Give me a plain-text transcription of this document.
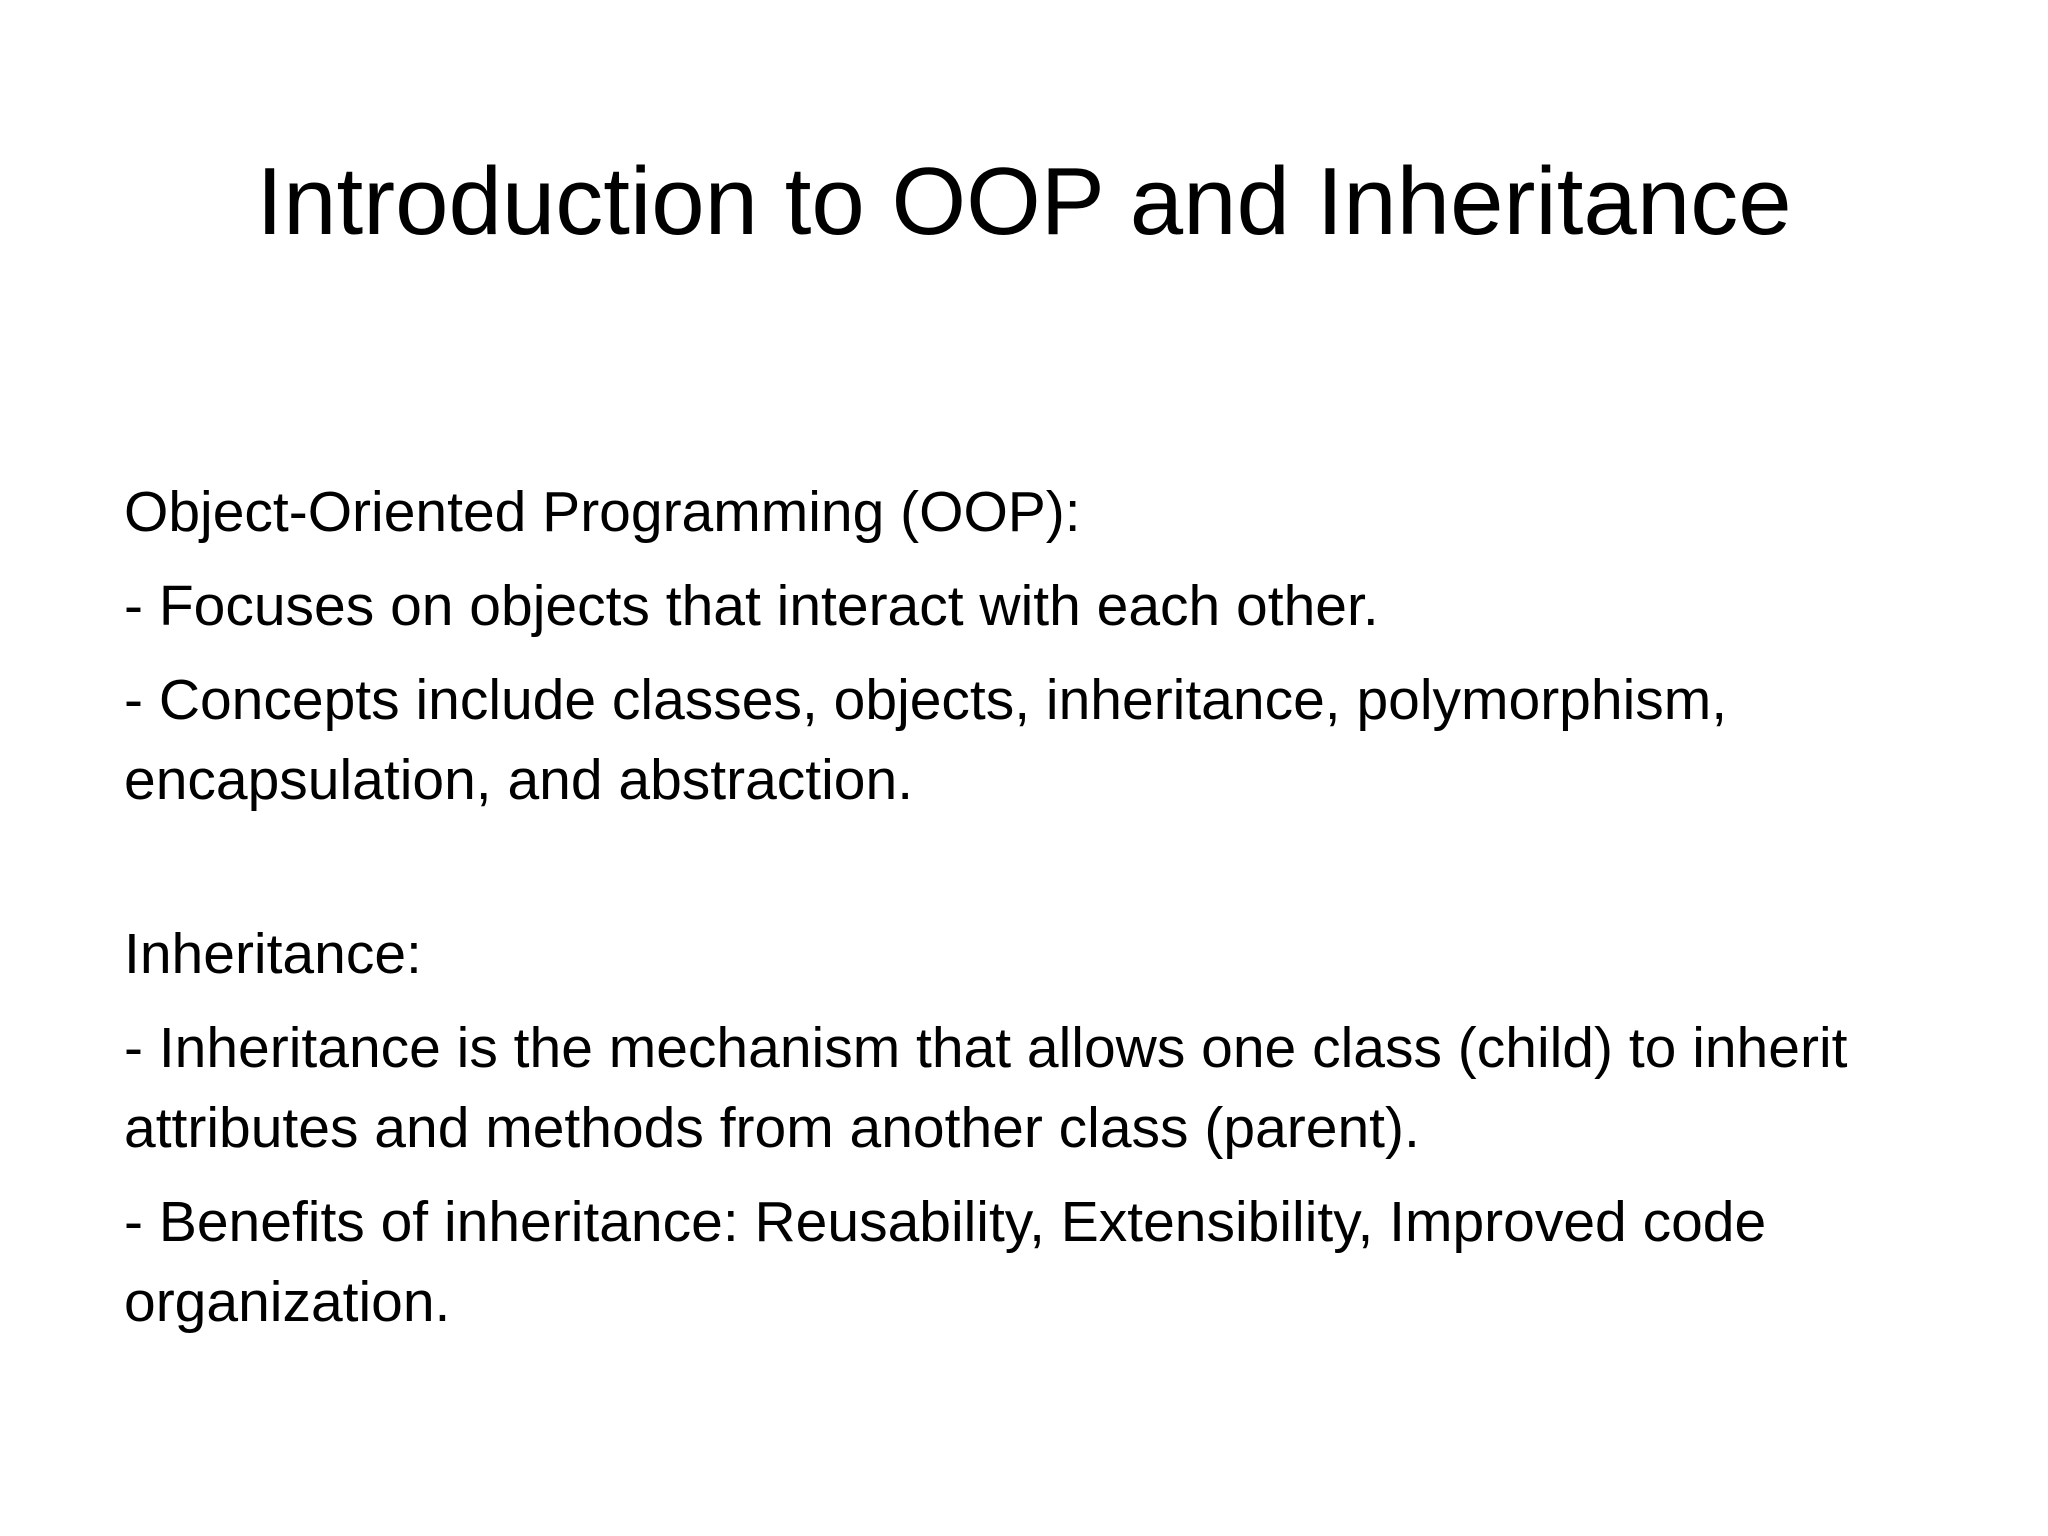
Introduction to OOP and Inheritance

Object-Oriented Programming (OOP):

- Focuses on objects that interact with each other.

- Concepts include classes, objects, inheritance, polymorphism, encapsulation, and abstraction.

Inheritance:

- Inheritance is the mechanism that allows one class (child) to inherit attributes and methods from another class (parent).

- Benefits of inheritance: Reusability, Extensibility, Improved code organization.
